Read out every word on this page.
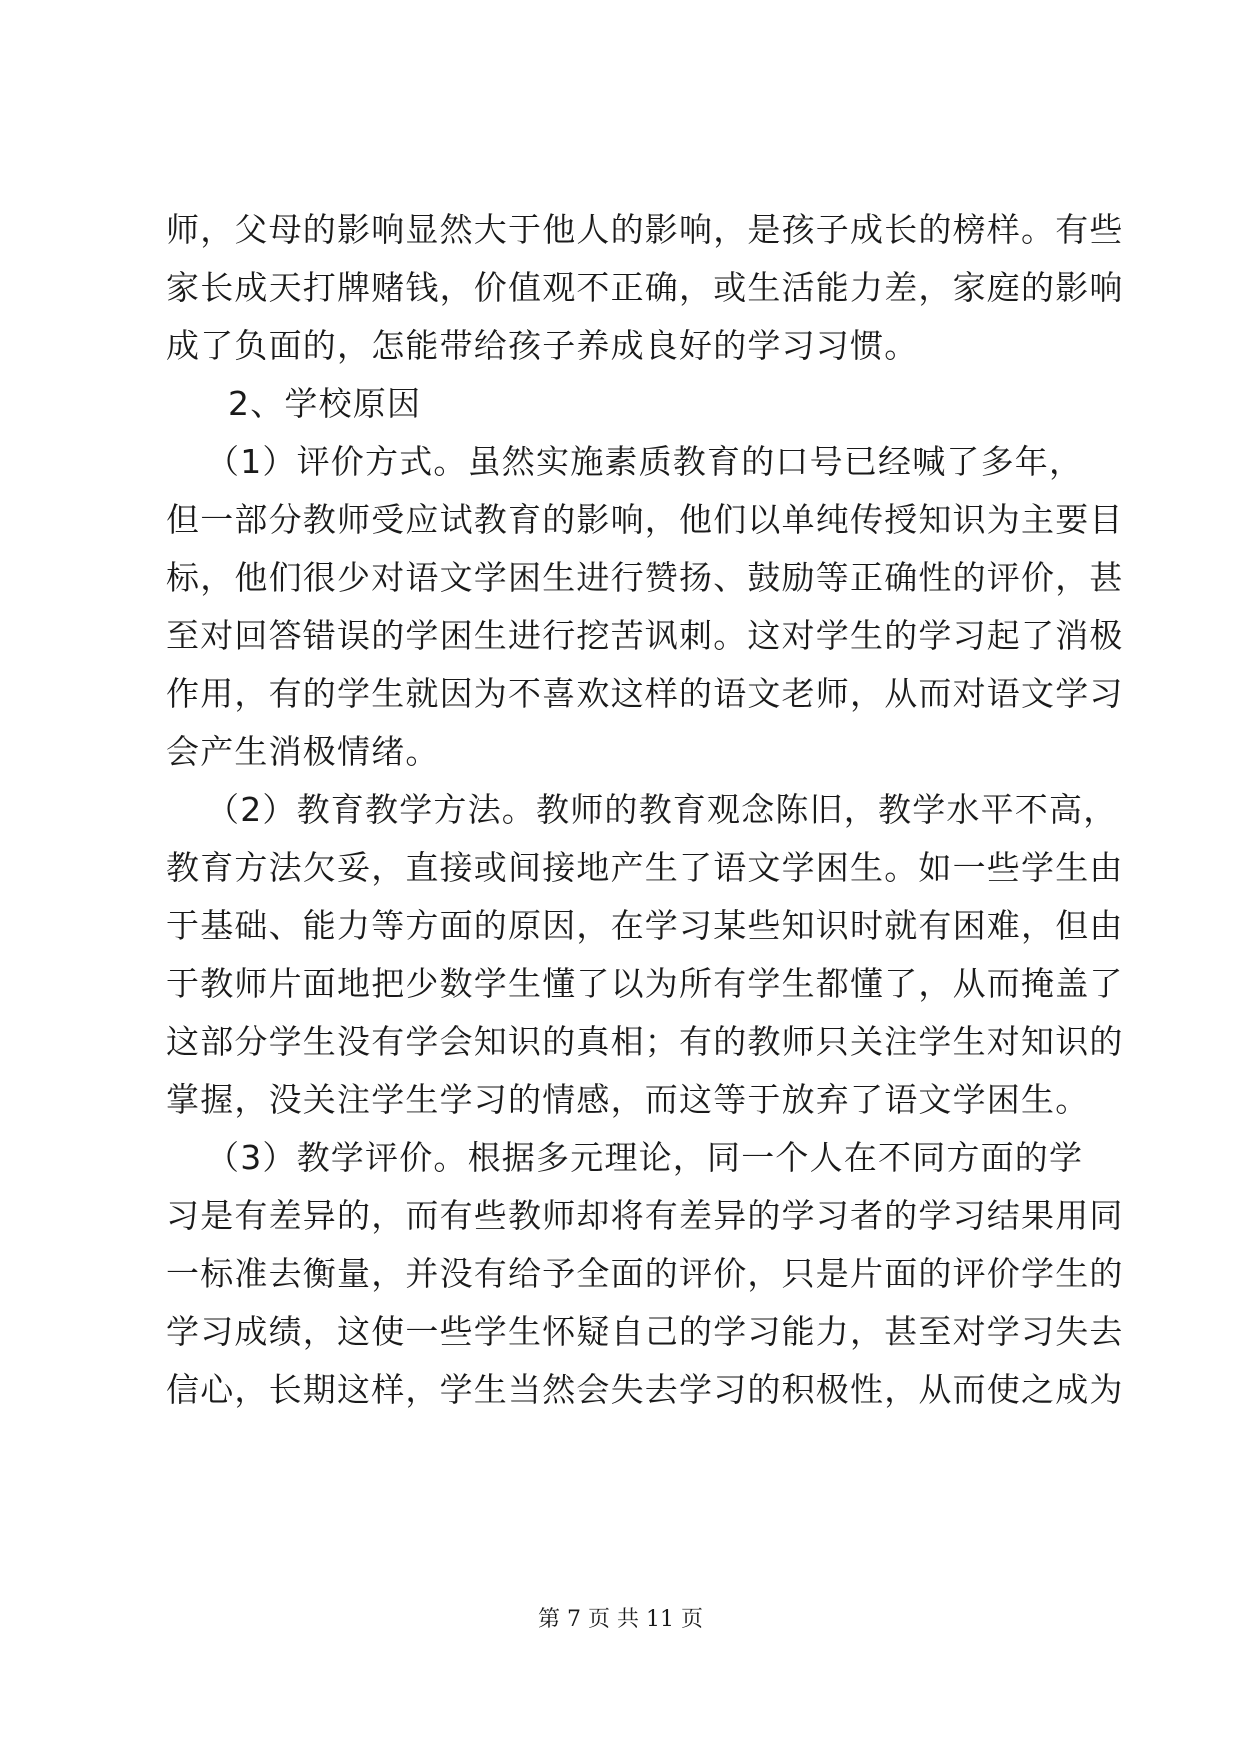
师，父母的影响显然大于他人的影响，是孩子成长的榜样。有些
家长成天打牌赌钱，价值观不正确，或生活能力差，家庭的影响
成了负面的，怎能带给孩子养成良好的学习习惯。
2、学校原因
（1）评价方式。虽然实施素质教育的口号已经喊了多年，
但一部分教师受应试教育的影响，他们以单纯传授知识为主要目
标，他们很少对语文学困生进行赞扬、鼓励等正确性的评价，甚
至对回答错误的学困生进行挖苦讽刺。这对学生的学习起了消极
作用，有的学生就因为不喜欢这样的语文老师，从而对语文学习
会产生消极情绪。
（2）教育教学方法。教师的教育观念陈旧，教学水平不高，
教育方法欠妥，直接或间接地产生了语文学困生。如一些学生由
于基础、能力等方面的原因，在学习某些知识时就有困难，但由
于教师片面地把少数学生懂了以为所有学生都懂了，从而掩盖了
这部分学生没有学会知识的真相；有的教师只关注学生对知识的
掌握，没关注学生学习的情感，而这等于放弃了语文学困生。
（3）教学评价。根据多元理论，同一个人在不同方面的学
习是有差异的，而有些教师却将有差异的学习者的学习结果用同
一标准去衡量，并没有给予全面的评价，只是片面的评价学生的
学习成绩，这使一些学生怀疑自己的学习能力，甚至对学习失去
信心，长期这样，学生当然会失去学习的积极性，从而使之成为
第 7 页 共 11 页
